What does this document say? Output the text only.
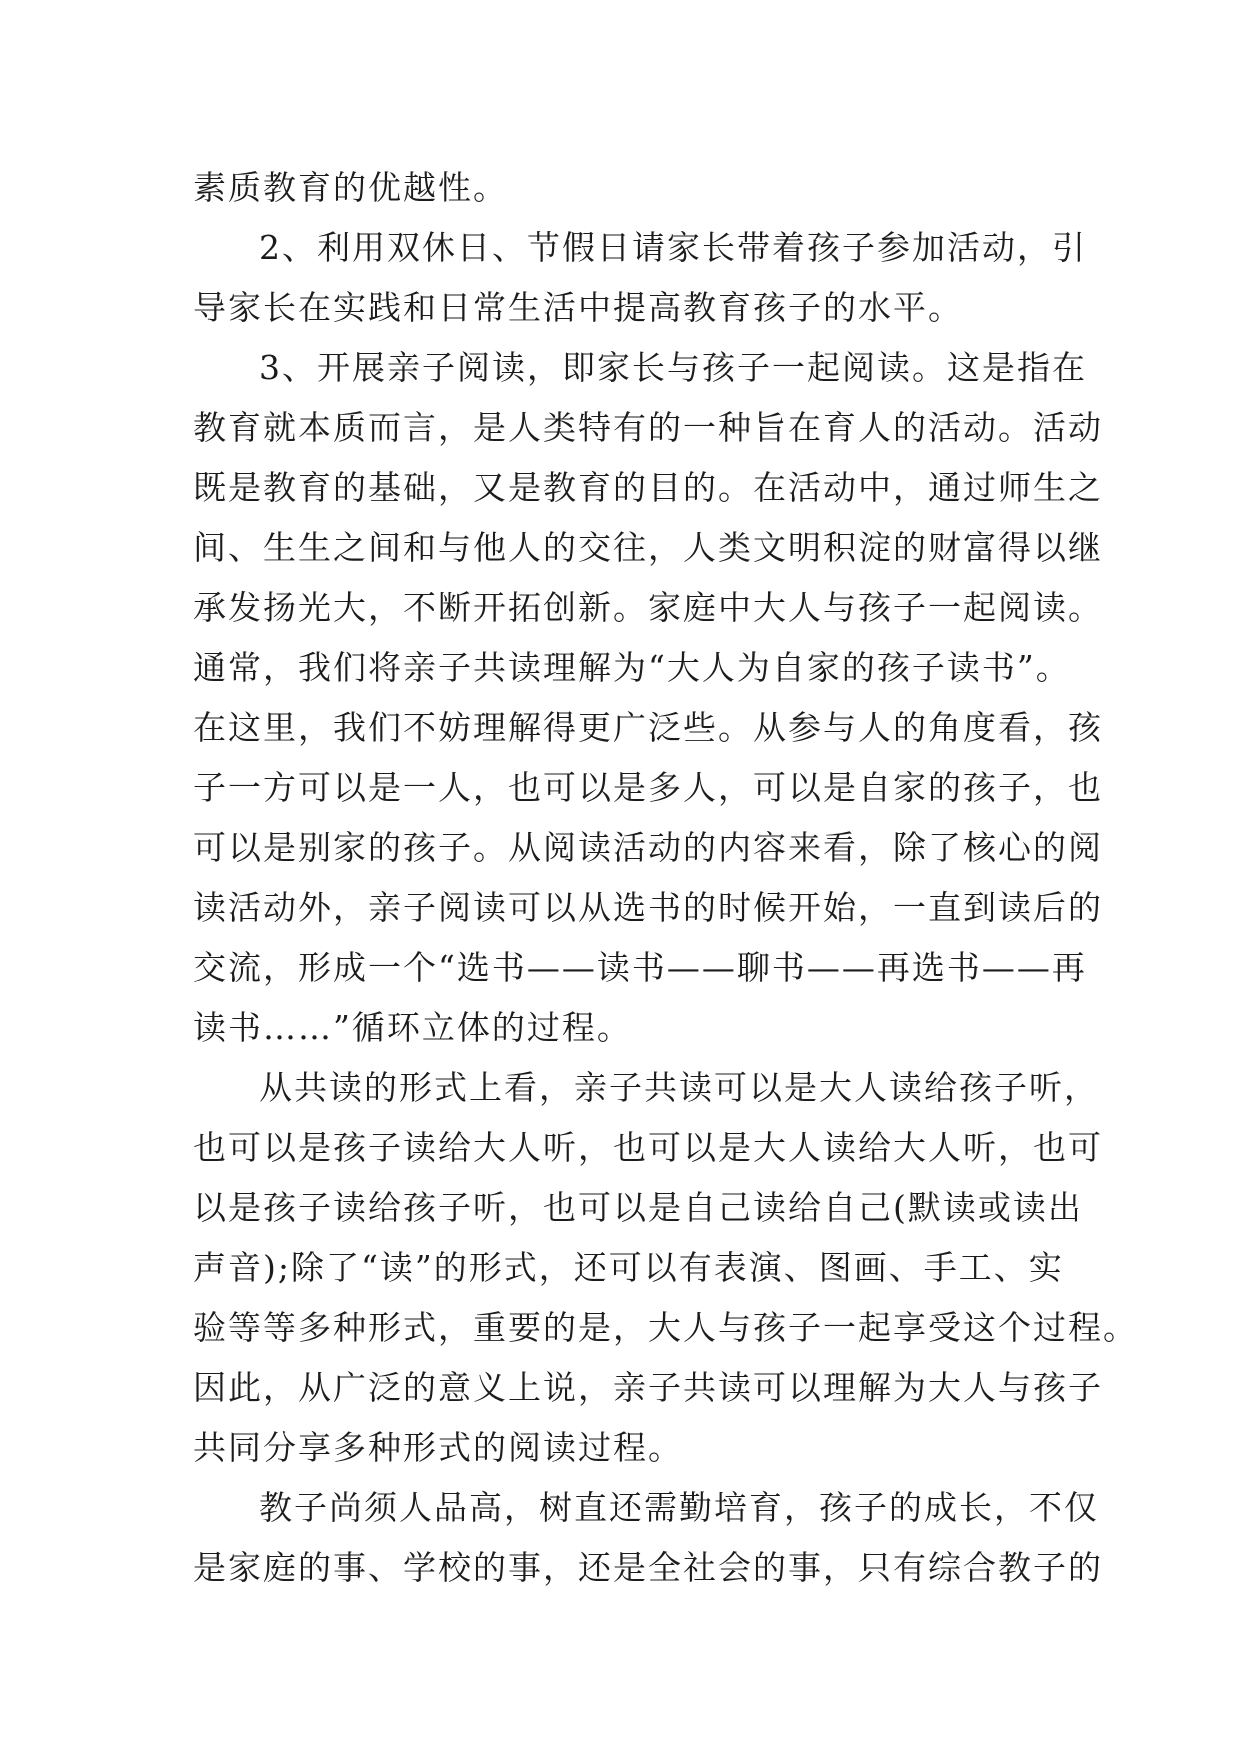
素质教育的优越性。
2、利用双休日、节假日请家长带着孩子参加活动，引
导家长在实践和日常生活中提高教育孩子的水平。
3、开展亲子阅读，即家长与孩子一起阅读。这是指在
教育就本质而言，是人类特有的一种旨在育人的活动。活动
既是教育的基础，又是教育的目的。在活动中，通过师生之
间、生生之间和与他人的交往，人类文明积淀的财富得以继
承发扬光大，不断开拓创新。家庭中大人与孩子一起阅读。
通常，我们将亲子共读理解为“大人为自家的孩子读书”。
在这里，我们不妨理解得更广泛些。从参与人的角度看，孩
子一方可以是一人，也可以是多人，可以是自家的孩子，也
可以是别家的孩子。从阅读活动的内容来看，除了核心的阅
读活动外，亲子阅读可以从选书的时候开始，一直到读后的
交流，形成一个“选书——读书——聊书——再选书——再
读书……”循环立体的过程。
从共读的形式上看，亲子共读可以是大人读给孩子听，
也可以是孩子读给大人听，也可以是大人读给大人听，也可
以是孩子读给孩子听，也可以是自己读给自己(默读或读出
声音);除了“读”的形式，还可以有表演、图画、手工、实
验等等多种形式，重要的是，大人与孩子一起享受这个过程。
因此，从广泛的意义上说，亲子共读可以理解为大人与孩子
共同分享多种形式的阅读过程。
教子尚须人品高，树直还需勤培育，孩子的成长，不仅
是家庭的事、学校的事，还是全社会的事，只有综合教子的
